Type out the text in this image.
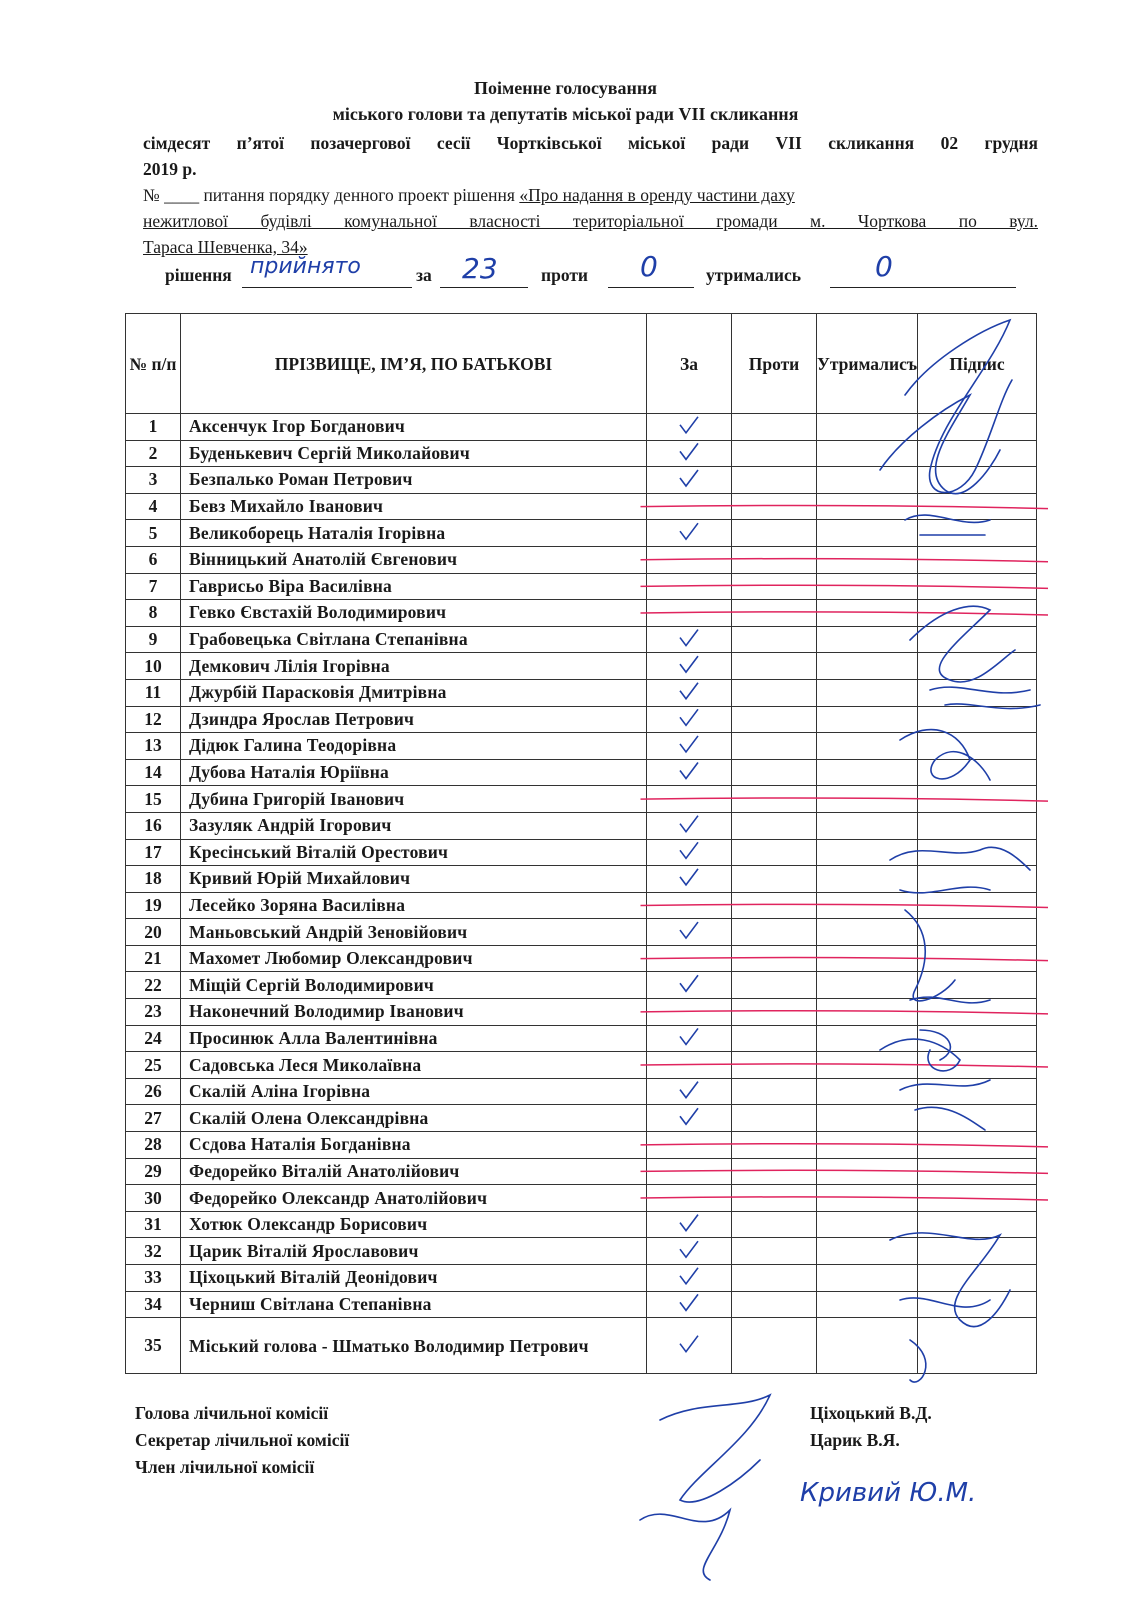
Поіменне голосування
міського голови та депутатів міської ради VII скликання
сімдесят п’ятої позачергової сесії Чортківської міської ради VII скликання 02 грудня
2019 р.
№ ____ питання порядку денного проект рішення «Про надання в оренду частини даху
нежитлової будівлі комунальної власності територіальної громади м. Чорткова по вул.
Тараса Шевченка, 34»
рішення прийнято	за 23 проти 0	утримались	0
№ п/п	ПРІЗВИЩЕ, ІМ’Я, ПО БАТЬКОВІ	За	Проти	Утрималисъ	Підпис
1	Аксенчук Ігор Богданович				
2	Буденькевич Сергій Миколайович				
3	Безпалько Роман Петрович				
4	Бевз Михайло Іванович				
5	Великоборець Наталія Ігорівна				
6	Вінницький Анатолій Євгенович				
7	Гаврисьо Віра Василівна				
8	Гевко Євстахій Володимирович				
9	Грабовецька Світлана Степанівна				
10	Демкович Лілія Ігорівна				
11	Джурбій Парасковія Дмитрівна				
12	Дзиндра Ярослав Петрович				
13	Дідюк Галина Теодорівна				
14	Дубова Наталія Юріївна				
15	Дубина Григорій Іванович				
16	Зазуляк Андрій Ігорович				
17	Кресінський Віталій Орестович				
18	Кривий Юрій Михайлович				
19	Лесейко Зоряна Василівна				
20	Маньовський Андрій Зеновійович				
21	Махомет Любомир Олександрович				
22	Міщій Сергій Володимирович				
23	Наконечний Володимир Іванович				
24	Просинюк Алла Валентинівна				
25	Садовська Леся Миколаївна				
26	Скалій Аліна Ігорівна				
27	Скалій Олена Олександрівна				
28	Ссдова Наталія Богданівна				
29	Федорейко Віталій Анатолійович				
30	Федорейко Олександр Анатолійович				
31	Хотюк Олександр Борисович				
32	Царик Віталій Ярославович				
33	Ціхоцький Віталій Деонідович				
34	Черниш Світлана Степанівна				
35	Міський голова - Шматько Володимир Петрович				
Голова лічильної комісії	Ціхоцький В.Д.
Секретар лічильної комісії	Царик В.Я.
Член лічильної комісії
Кривий Ю.М.
